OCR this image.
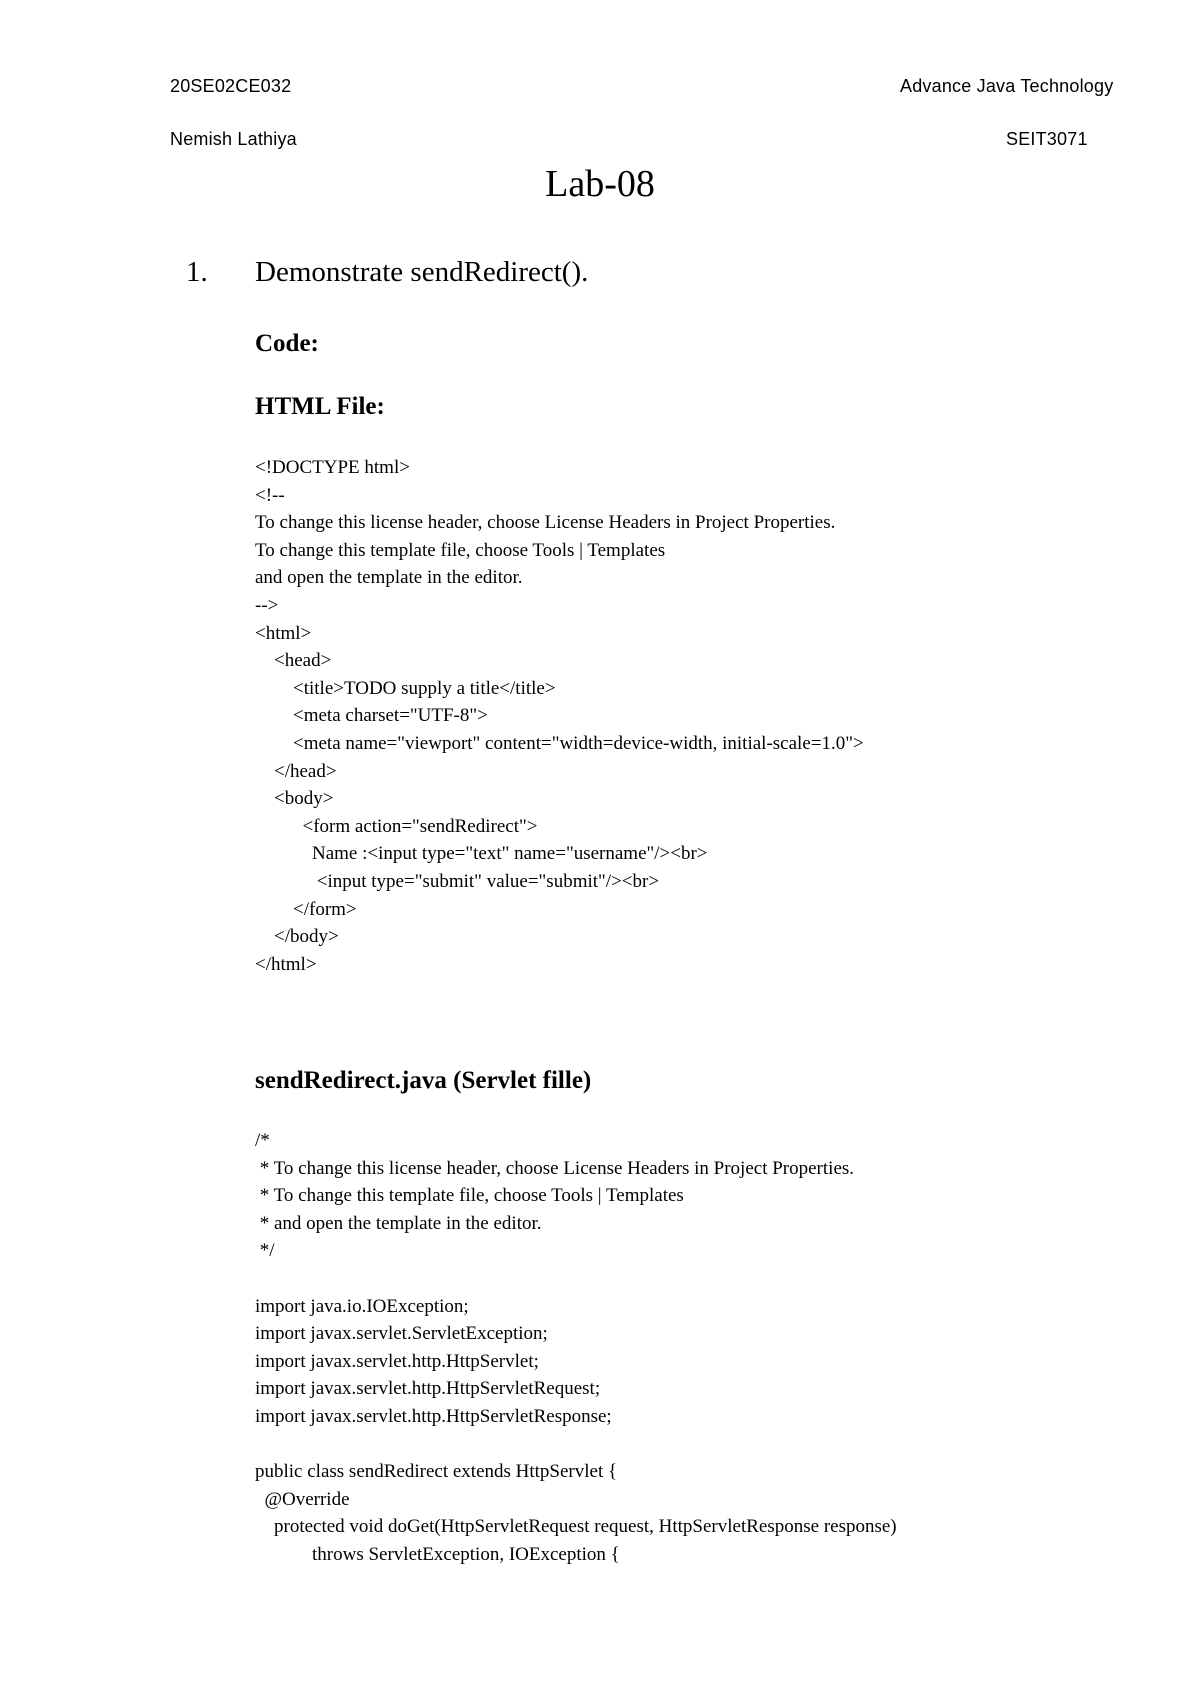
20SE02CE032	Advance Java Technology
Nemish Lathiya	SEIT3071
Lab-08
1. Demonstrate sendRedirect().
Code:
HTML File:
<!DOCTYPE html>
<!--
To change this license header, choose License Headers in Project Properties.
To change this template file, choose Tools | Templates
and open the template in the editor.
-->
<html>
<head>
<title>TODO supply a title</title>
<meta charset="UTF-8">
<meta name="viewport" content="width=device-width, initial-scale=1.0">
</head>
<body>
<form action="sendRedirect">
Name :<input type="text" name="username"/><br>
<input type="submit" value="submit"/><br>
</form>
</body>
</html>
sendRedirect.java (Servlet fille)
/*
* To change this license header, choose License Headers in Project Properties.
* To change this template file, choose Tools | Templates
* and open the template in the editor.
*/
import java.io.IOException;
import javax.servlet.ServletException;
import javax.servlet.http.HttpServlet;
import javax.servlet.http.HttpServletRequest;
import javax.servlet.http.HttpServletResponse;
public class sendRedirect extends HttpServlet {
@Override
protected void doGet(HttpServletRequest request, HttpServletResponse response)
throws ServletException, IOException {
